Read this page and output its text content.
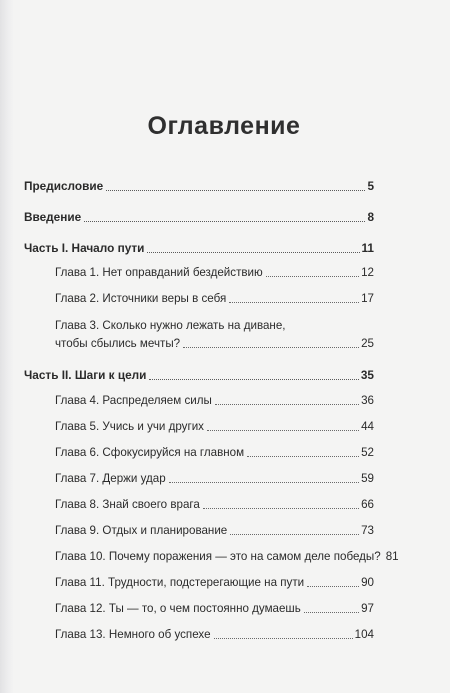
Оглавление
Предисловие	5
Введение	8
Часть I. Начало пути	11
Глава 1. Нет оправданий бездействию	12
Глава 2. Источники веры в себя	17
Глава 3. Сколько нужно лежать на диване,
чтобы сбылись мечты?	25
Часть II. Шаги к цели	35
Глава 4. Распределяем силы	36
Глава 5. Учись и учи других	44
Глава 6. Сфокусируйся на главном	52
Глава 7. Держи удар	59
Глава 8. Знай своего врага	66
Глава 9. Отдых и планирование	73
Глава 10. Почему поражения — это на самом деле победы? 81
Глава 11. Трудности, подстерегающие на пути	90
Глава 12. Ты — то, о чем постоянно думаешь	97
Глава 13. Немного об успехе	104
